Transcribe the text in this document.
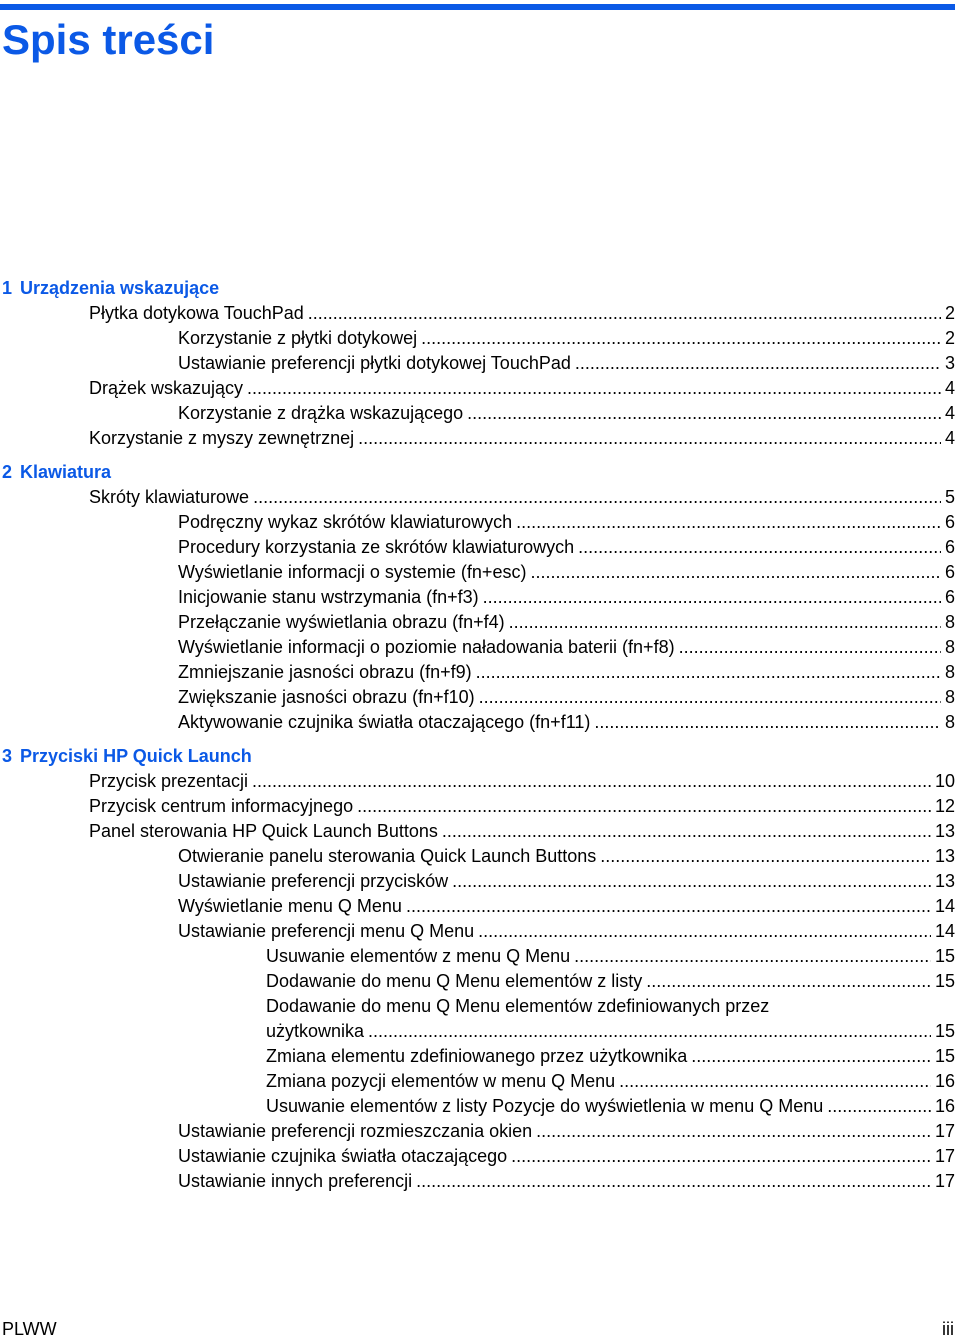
Spis treści
1 Urządzenia wskazujące
Płytka dotykowa TouchPad .....	2
Korzystanie z płytki dotykowej .....	2
Ustawianie preferencji płytki dotykowej TouchPad .....	3
Drążek wskazujący .....	4
Korzystanie z drążka wskazującego .....	4
Korzystanie z myszy zewnętrznej .....	4
2 Klawiatura
Skróty klawiaturowe .....	5
Podręczny wykaz skrótów klawiaturowych .....	6
Procedury korzystania ze skrótów klawiaturowych .....	6
Wyświetlanie informacji o systemie (fn+esc) .....	6
Inicjowanie stanu wstrzymania (fn+f3) .....	6
Przełączanie wyświetlania obrazu (fn+f4) .....	8
Wyświetlanie informacji o poziomie naładowania baterii (fn+f8) .....	8
Zmniejszanie jasności obrazu (fn+f9) .....	8
Zwiększanie jasności obrazu (fn+f10) .....	8
Aktywowanie czujnika światła otaczającego (fn+f11) .....	8
3 Przyciski HP Quick Launch
Przycisk prezentacji .....	10
Przycisk centrum informacyjnego .....	12
Panel sterowania HP Quick Launch Buttons .....	13
Otwieranie panelu sterowania Quick Launch Buttons .....	13
Ustawianie preferencji przycisków .....	13
Wyświetlanie menu Q Menu .....	14
Ustawianie preferencji menu Q Menu .....	14
Usuwanie elementów z menu Q Menu .....	15
Dodawanie do menu Q Menu elementów z listy .....	15
Dodawanie do menu Q Menu elementów zdefiniowanych przez
użytkownika .....	15
Zmiana elementu zdefiniowanego przez użytkownika .....	15
Zmiana pozycji elementów w menu Q Menu .....	16
Usuwanie elementów z listy Pozycje do wyświetlenia w menu Q Menu .....	16
Ustawianie preferencji rozmieszczania okien .....	17
Ustawianie czujnika światła otaczającego .....	17
Ustawianie innych preferencji .....	17
PLWW	iii
